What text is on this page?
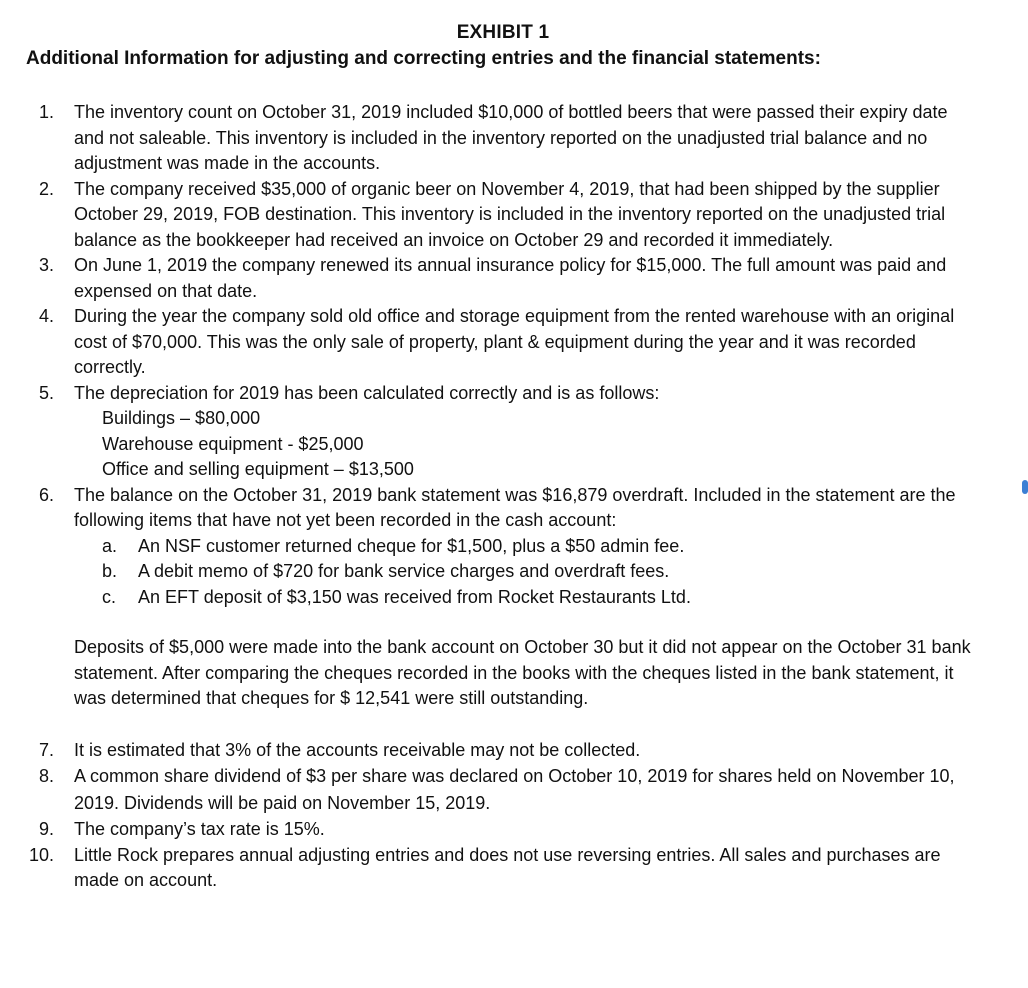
EXHIBIT 1
Additional Information for adjusting and correcting entries and the financial statements:
1. The inventory count on October 31, 2019 included $10,000 of bottled beers that were passed their expiry date and not saleable. This inventory is included in the inventory reported on the unadjusted trial balance and no adjustment was made in the accounts.
2. The company received $35,000 of organic beer on November 4, 2019, that had been shipped by the supplier October 29, 2019, FOB destination. This inventory is included in the inventory reported on the unadjusted trial balance as the bookkeeper had received an invoice on October 29 and recorded it immediately.
3. On June 1, 2019 the company renewed its annual insurance policy for $15,000. The full amount was paid and expensed on that date.
4. During the year the company sold old office and storage equipment from the rented warehouse with an original cost of $70,000. This was the only sale of property, plant & equipment during the year and it was recorded correctly.
5. The depreciation for 2019 has been calculated correctly and is as follows:
Buildings – $80,000
Warehouse equipment - $25,000
Office and selling equipment – $13,500
6. The balance on the October 31, 2019 bank statement was $16,879 overdraft. Included in the statement are the following items that have not yet been recorded in the cash account:
a. An NSF customer returned cheque for $1,500, plus a $50 admin fee.
b. A debit memo of $720 for bank service charges and overdraft fees.
c. An EFT deposit of $3,150 was received from Rocket Restaurants Ltd.
Deposits of $5,000 were made into the bank account on October 30 but it did not appear on the October 31 bank statement. After comparing the cheques recorded in the books with the cheques listed in the bank statement, it was determined that cheques for $ 12,541 were still outstanding.
7. It is estimated that 3% of the accounts receivable may not be collected.
8. A common share dividend of $3 per share was declared on October 10, 2019 for shares held on November 10, 2019. Dividends will be paid on November 15, 2019.
9. The company’s tax rate is 15%.
10. Little Rock prepares annual adjusting entries and does not use reversing entries. All sales and purchases are made on account.
